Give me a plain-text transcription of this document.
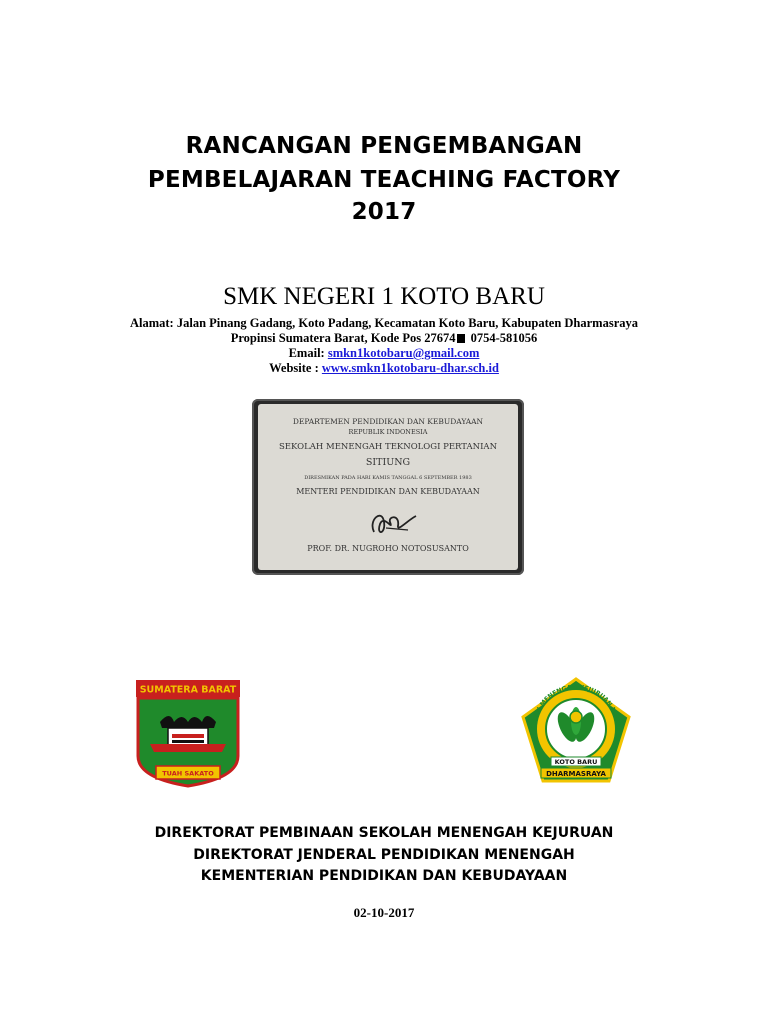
RANCANGAN PENGEMBANGAN
PEMBELAJARAN TEACHING FACTORY
2017
SMK NEGERI 1 KOTO BARU
Alamat: Jalan Pinang Gadang, Koto Padang, Kecamatan Koto Baru, Kabupaten Dharmasraya
Propinsi Sumatera Barat, Kode Pos 27674 0754-581056
Email: smkn1kotobaru@gmail.com
Website : www.smkn1kotobaru-dhar.sch.id
DEPARTEMEN PENDIDIKAN DAN KEBUDAYAAN
REPUBLIK INDONESIA
SEKOLAH MENENGAH TEKNOLOGI PERTANIAN
SITIUNG
DIRESMIKAN PADA HARI KAMIS TANGGAL 6 SEPTEMBER 1983
MENTERI PENDIDIKAN DAN KEBUDAYAAN
PROF. DR. NUGROHO NOTOSUSANTO
SUMATERA BARAT
TUAH SAKATO
KOLAH MENENGAH KEJURUAN NEGER
KOTO BARU
DHARMASRAYA
DIREKTORAT PEMBINAAN SEKOLAH MENENGAH KEJURUAN
DIREKTORAT JENDERAL PENDIDIKAN MENENGAH
KEMENTERIAN PENDIDIKAN DAN KEBUDAYAAN
02-10-2017
